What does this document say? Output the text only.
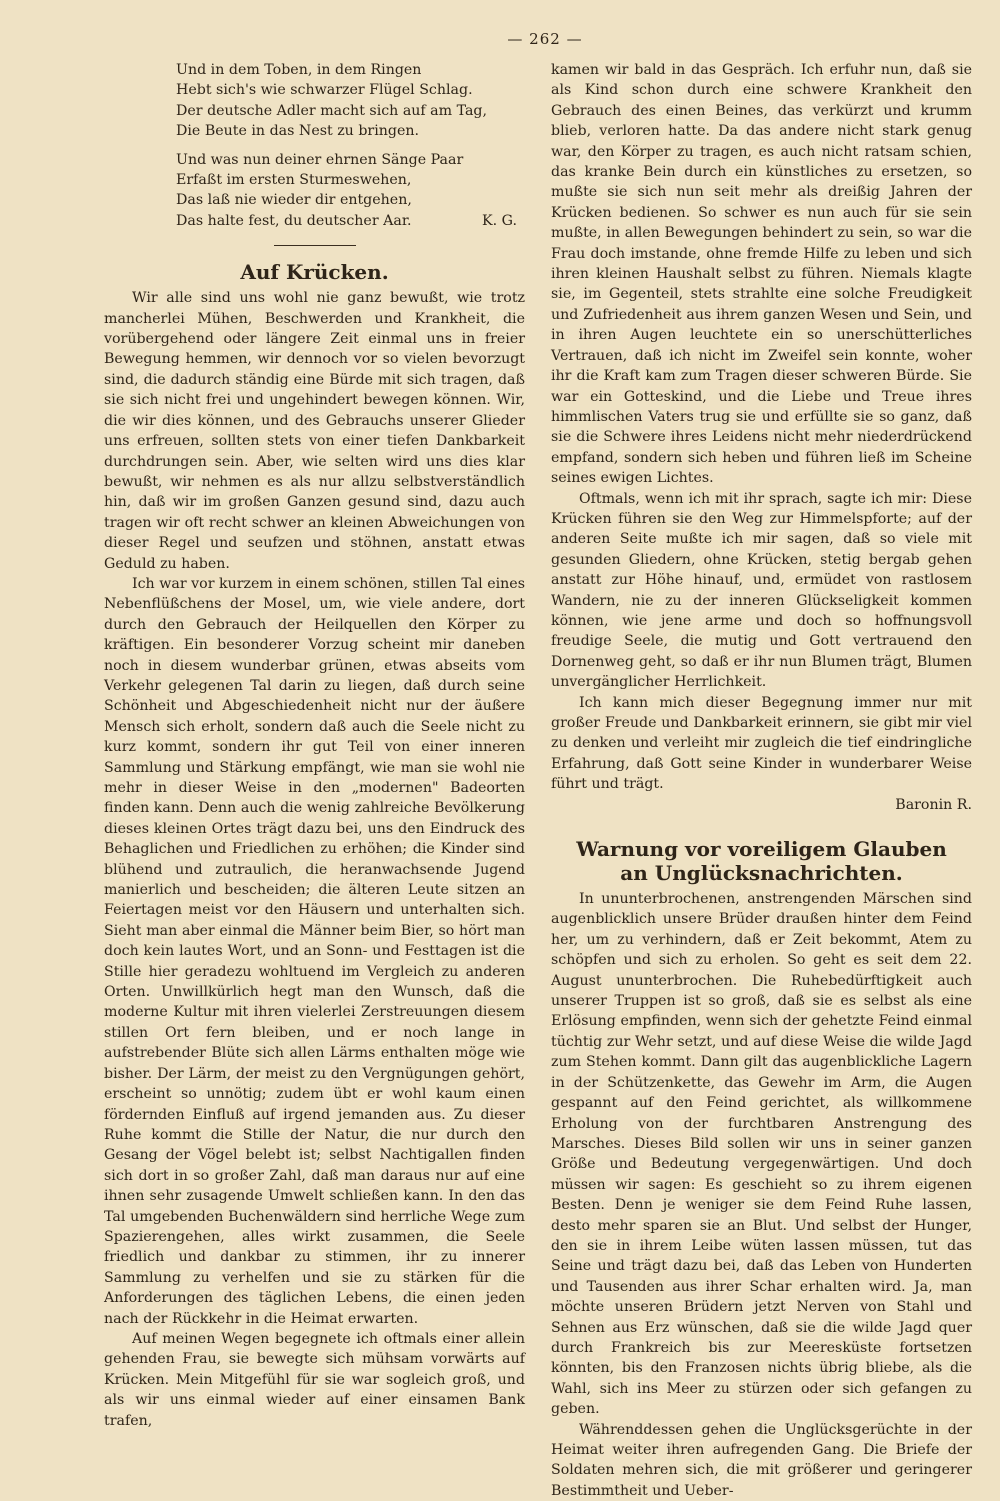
— 262 —
Und in dem Toben, in dem Ringen
Hebt sich's wie schwarzer Flügel Schlag.
Der deutsche Adler macht sich auf am Tag,
Die Beute in das Nest zu bringen.
Und was nun deiner ehrnen Sänge Paar
Erfaßt im ersten Sturmeswehen,
Das laß nie wieder dir entgehen,
Das halte fest, du deutscher Aar.	K. G.
Auf Krücken.

Wir alle sind uns wohl nie ganz bewußt, wie trotz mancherlei Mühen, Beschwerden und Krankheit, die vorübergehend oder längere Zeit einmal uns in freier Bewegung hemmen, wir dennoch vor so vielen bevorzugt sind, die dadurch ständig eine Bürde mit sich tragen, daß sie sich nicht frei und ungehindert bewegen können. Wir, die wir dies können, und des Gebrauchs unserer Glieder uns erfreuen, sollten stets von einer tiefen Dankbarkeit durchdrungen sein. Aber, wie selten wird uns dies klar bewußt, wir nehmen es als nur allzu selbstverständlich hin, daß wir im großen Ganzen gesund sind, dazu auch tragen wir oft recht schwer an kleinen Abweichungen von dieser Regel und seufzen und stöhnen, anstatt etwas Geduld zu haben.

Ich war vor kurzem in einem schönen, stillen Tal eines Nebenflüßchens der Mosel, um, wie viele andere, dort durch den Gebrauch der Heilquellen den Körper zu kräftigen. Ein besonderer Vorzug scheint mir daneben noch in diesem wunderbar grünen, etwas abseits vom Verkehr gelegenen Tal darin zu liegen, daß durch seine Schönheit und Abgeschiedenheit nicht nur der äußere Mensch sich erholt, sondern daß auch die Seele nicht zu kurz kommt, sondern ihr gut Teil von einer inneren Sammlung und Stärkung empfängt, wie man sie wohl nie mehr in dieser Weise in den „modernen" Badeorten finden kann. Denn auch die wenig zahlreiche Bevölkerung dieses kleinen Ortes trägt dazu bei, uns den Eindruck des Behaglichen und Friedlichen zu erhöhen; die Kinder sind blühend und zutraulich, die heranwachsende Jugend manierlich und bescheiden; die älteren Leute sitzen an Feiertagen meist vor den Häusern und unterhalten sich. Sieht man aber einmal die Männer beim Bier, so hört man doch kein lautes Wort, und an Sonn- und Festtagen ist die Stille hier geradezu wohltuend im Vergleich zu anderen Orten. Unwillkürlich hegt man den Wunsch, daß die moderne Kultur mit ihren vielerlei Zerstreuungen diesem stillen Ort fern bleiben, und er noch lange in aufstrebender Blüte sich allen Lärms enthalten möge wie bisher. Der Lärm, der meist zu den Vergnügungen gehört, erscheint so unnötig; zudem übt er wohl kaum einen fördernden Einfluß auf irgend jemanden aus. Zu dieser Ruhe kommt die Stille der Natur, die nur durch den Gesang der Vögel belebt ist; selbst Nachtigallen finden sich dort in so großer Zahl, daß man daraus nur auf eine ihnen sehr zusagende Umwelt schließen kann. In den das Tal umgebenden Buchenwäldern sind herrliche Wege zum Spazierengehen, alles wirkt zusammen, die Seele friedlich und dankbar zu stimmen, ihr zu innerer Sammlung zu verhelfen und sie zu stärken für die Anforderungen des täglichen Lebens, die einen jeden nach der Rückkehr in die Heimat erwarten.

Auf meinen Wegen begegnete ich oftmals einer allein gehenden Frau, sie bewegte sich mühsam vorwärts auf Krücken. Mein Mitgefühl für sie war sogleich groß, und als wir uns einmal wieder auf einer einsamen Bank trafen,

kamen wir bald in das Gespräch. Ich erfuhr nun, daß sie als Kind schon durch eine schwere Krankheit den Gebrauch des einen Beines, das verkürzt und krumm blieb, verloren hatte. Da das andere nicht stark genug war, den Körper zu tragen, es auch nicht ratsam schien, das kranke Bein durch ein künstliches zu ersetzen, so mußte sie sich nun seit mehr als dreißig Jahren der Krücken bedienen. So schwer es nun auch für sie sein mußte, in allen Bewegungen behindert zu sein, so war die Frau doch imstande, ohne fremde Hilfe zu leben und sich ihren kleinen Haushalt selbst zu führen. Niemals klagte sie, im Gegenteil, stets strahlte eine solche Freudigkeit und Zufriedenheit aus ihrem ganzen Wesen und Sein, und in ihren Augen leuchtete ein so unerschütterliches Vertrauen, daß ich nicht im Zweifel sein konnte, woher ihr die Kraft kam zum Tragen dieser schweren Bürde. Sie war ein Gotteskind, und die Liebe und Treue ihres himmlischen Vaters trug sie und erfüllte sie so ganz, daß sie die Schwere ihres Leidens nicht mehr niederdrückend empfand, sondern sich heben und führen ließ im Scheine seines ewigen Lichtes.

Oftmals, wenn ich mit ihr sprach, sagte ich mir: Diese Krücken führen sie den Weg zur Himmelspforte; auf der anderen Seite mußte ich mir sagen, daß so viele mit gesunden Gliedern, ohne Krücken, stetig bergab gehen anstatt zur Höhe hinauf, und, ermüdet von rastlosem Wandern, nie zu der inneren Glückseligkeit kommen können, wie jene arme und doch so hoffnungsvoll freudige Seele, die mutig und Gott vertrauend den Dornenweg geht, so daß er ihr nun Blumen trägt, Blumen unvergänglicher Herrlichkeit.

Ich kann mich dieser Begegnung immer nur mit großer Freude und Dankbarkeit erinnern, sie gibt mir viel zu denken und verleiht mir zugleich die tief eindringliche Erfahrung, daß Gott seine Kinder in wunderbarer Weise führt und trägt.

Baronin R.

Warnung vor voreiligem Glauben
an Unglücksnachrichten.

In ununterbrochenen, anstrengenden Märschen sind augenblicklich unsere Brüder draußen hinter dem Feind her, um zu verhindern, daß er Zeit bekommt, Atem zu schöpfen und sich zu erholen. So geht es seit dem 22. August ununterbrochen. Die Ruhebedürftigkeit auch unserer Truppen ist so groß, daß sie es selbst als eine Erlösung empfinden, wenn sich der gehetzte Feind einmal tüchtig zur Wehr setzt, und auf diese Weise die wilde Jagd zum Stehen kommt. Dann gilt das augenblickliche Lagern in der Schützenkette, das Gewehr im Arm, die Augen gespannt auf den Feind gerichtet, als willkommene Erholung von der furchtbaren Anstrengung des Marsches. Dieses Bild sollen wir uns in seiner ganzen Größe und Bedeutung vergegenwärtigen. Und doch müssen wir sagen: Es geschieht so zu ihrem eigenen Besten. Denn je weniger sie dem Feind Ruhe lassen, desto mehr sparen sie an Blut. Und selbst der Hunger, den sie in ihrem Leibe wüten lassen müssen, tut das Seine und trägt dazu bei, daß das Leben von Hunderten und Tausenden aus ihrer Schar erhalten wird. Ja, man möchte unseren Brüdern jetzt Nerven von Stahl und Sehnen aus Erz wünschen, daß sie die wilde Jagd quer durch Frankreich bis zur Meeresküste fortsetzen könnten, bis den Franzosen nichts übrig bliebe, als die Wahl, sich ins Meer zu stürzen oder sich gefangen zu geben.

Währenddessen gehen die Unglücksgerüchte in der Heimat weiter ihren aufregenden Gang. Die Briefe der Soldaten mehren sich, die mit größerer und geringerer Bestimmtheit und Ueber-
